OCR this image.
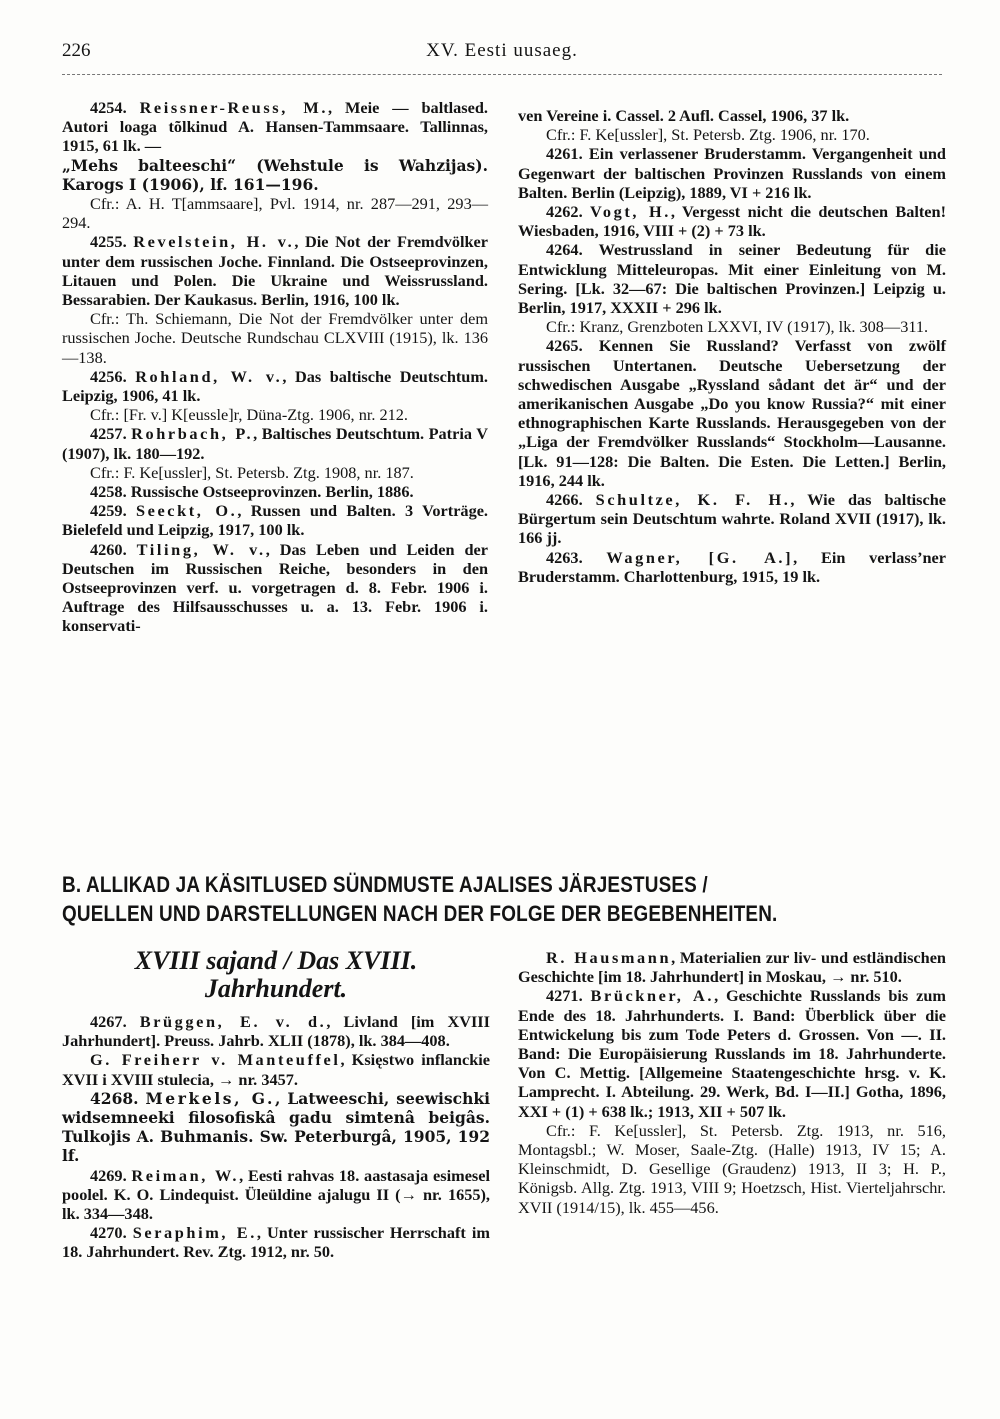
226	XV. Eesti uusaeg.

4254. Reissner-Reuss, M., Meie — baltlased. Autori loaga tõlkinud A. Hansen-Tammsaare. Tallinnas, 1915, 61 lk. —

„Mehs balteeschi“ (Wehstule is Wahzijas). Karogs I (1906), lf. 161—196.

Cfr.: A. H. T[ammsaare], Pvl. 1914, nr. 287—291, 293—294.

4255. Revelstein, H. v., Die Not der Fremdvölker unter dem russischen Joche. Finnland. Die Ostseeprovinzen, Litauen und Polen. Die Ukraine und Weissrussland. Bessarabien. Der Kaukasus. Berlin, 1916, 100 lk.

Cfr.: Th. Schiemann, Die Not der Fremdvölker unter dem russischen Joche. Deutsche Rundschau CLXVIII (1915), lk. 136 —138.

4256. Rohland, W. v., Das baltische Deutschtum. Leipzig, 1906, 41 lk.

Cfr.: [Fr. v.] K[eussle]r, Düna-Ztg. 1906, nr. 212.

4257. Rohrbach, P., Baltisches Deutschtum. Patria V (1907), lk. 180—192.

Cfr.: F. Ke[ussler], St. Petersb. Ztg. 1908, nr. 187.

4258. Russische Ostseeprovinzen. Berlin, 1886.

4259. Seeckt, O., Russen und Balten. 3 Vorträge. Bielefeld und Leipzig, 1917, 100 lk.

4260. Tiling, W. v., Das Leben und Leiden der Deutschen im Russischen Reiche, besonders in den Ostseeprovinzen verf. u. vorgetragen d. 8. Febr. 1906 i. Auftrage des Hilfsausschusses u. a. 13. Febr. 1906 i. konservati-

ven Vereine i. Cassel. 2 Aufl. Cassel, 1906, 37 lk.

Cfr.: F. Ke[ussler], St. Petersb. Ztg. 1906, nr. 170.

4261. Ein verlassener Bruderstamm. Vergangenheit und Gegenwart der baltischen Provinzen Russlands von einem Balten. Berlin (Leipzig), 1889, VI + 216 lk.

4262. Vogt, H., Vergesst nicht die deutschen Balten! Wiesbaden, 1916, VIII + (2) + 73 lk.

4264. Westrussland in seiner Bedeutung für die Entwicklung Mitteleuropas. Mit einer Einleitung von M. Sering. [Lk. 32—67: Die baltischen Provinzen.] Leipzig u. Berlin, 1917, XXXII + 296 lk.

Cfr.: Kranz, Grenzboten LXXVI, IV (1917), lk. 308—311.

4265. Kennen Sie Russland? Verfasst von zwölf russischen Untertanen. Deutsche Uebersetzung der schwedischen Ausgabe „Ryssland sådant det är“ und der amerikanischen Ausgabe „Do you know Russia?“ mit einer ethnographischen Karte Russlands. Herausgegeben von der „Liga der Fremdvölker Russlands“ Stockholm—Lausanne. [Lk. 91—128: Die Balten. Die Esten. Die Letten.] Berlin, 1916, 244 lk.

4266. Schultze, K. F. H., Wie das baltische Bürgertum sein Deutschtum wahrte. Roland XVII (1917), lk. 166 jj.

4263. Wagner, [G. A.], Ein verlass’ner Bruderstamm. Charlottenburg, 1915, 19 lk.

B. ALLIKAD JA KÄSITLUSED SÜNDMUSTE AJALISES JÄRJESTUSES /
QUELLEN UND DARSTELLUNGEN NACH DER FOLGE DER BEGEBENHEITEN.
XVIII sajand / Das XVIII. Jahrhundert.

4267. Brüggen, E. v. d., Livland [im XVIII Jahrhundert]. Preuss. Jahrb. XLII (1878), lk. 384—408.

G. Freiherr v. Manteuffel, Księstwo inflanckie XVII i XVIII stulecia, → nr. 3457.

4268. Merkels, G., Latweeschi, seewischki widsemneeki filosofiskâ gadu simtenâ beigâs. Tulkojis A. Buhmanis. Sw. Peterburgâ, 1905, 192 lf.

4269. Reiman, W., Eesti rahvas 18. aastasaja esimesel poolel. K. O. Lindequist. Üleüldine ajalugu II (→ nr. 1655), lk. 334—348.

4270. Seraphim, E., Unter russischer Herrschaft im 18. Jahrhundert. Rev. Ztg. 1912, nr. 50.

R. Hausmann, Materialien zur liv- und estländischen Geschichte [im 18. Jahrhundert] in Moskau, → nr. 510.

4271. Brückner, A., Geschichte Russlands bis zum Ende des 18. Jahrhunderts. I. Band: Überblick über die Entwickelung bis zum Tode Peters d. Grossen. Von —. II. Band: Die Europäisierung Russlands im 18. Jahrhunderte. Von C. Mettig. [Allgemeine Staatengeschichte hrsg. v. K. Lamprecht. I. Abteilung. 29. Werk, Bd. I—II.] Gotha, 1896, XXI + (1) + 638 lk.; 1913, XII + 507 lk.

Cfr.: F. Ke[ussler], St. Petersb. Ztg. 1913, nr. 516, Montagsbl.; W. Moser, Saale-Ztg. (Halle) 1913, IV 15; A. Kleinschmidt, D. Gesellige (Graudenz) 1913, II 3; H. P., Königsb. Allg. Ztg. 1913, VIII 9; Hoetzsch, Hist. Vierteljahrschr. XVII (1914/15), lk. 455—456.
